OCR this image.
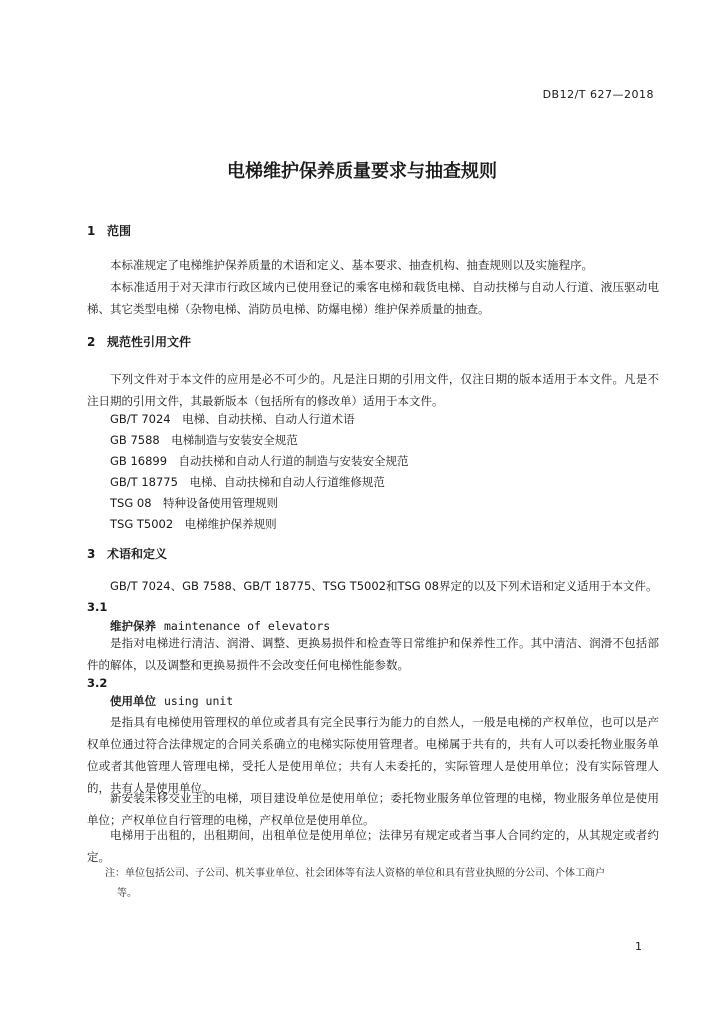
DB12/T 627—2018
电梯维护保养质量要求与抽查规则
1 范围
本标准规定了电梯维护保养质量的术语和定义、基本要求、抽查机构、抽查规则以及实施程序。
本标准适用于对天津市行政区域内已使用登记的乘客电梯和载货电梯、自动扶梯与自动人行道、液压驱动电梯、其它类型电梯（杂物电梯、消防员电梯、防爆电梯）维护保养质量的抽查。
2 规范性引用文件
下列文件对于本文件的应用是必不可少的。凡是注日期的引用文件，仅注日期的版本适用于本文件。凡是不注日期的引用文件，其最新版本（包括所有的修改单）适用于本文件。
GB/T 7024　电梯、自动扶梯、自动人行道术语
GB 7588　电梯制造与安装安全规范
GB 16899　自动扶梯和自动人行道的制造与安装安全规范
GB/T 18775　电梯、自动扶梯和自动人行道维修规范
TSG 08　特种设备使用管理规则
TSG T5002　电梯维护保养规则
3 术语和定义
GB/T 7024、GB 7588、GB/T 18775、TSG T5002和TSG 08界定的以及下列术语和定义适用于本文件。
3.1
维护保养 maintenance of elevators
是指对电梯进行清洁、润滑、调整、更换易损件和检查等日常维护和保养性工作。其中清洁、润滑不包括部件的解体，以及调整和更换易损件不会改变任何电梯性能参数。
3.2
使用单位 using unit
是指具有电梯使用管理权的单位或者具有完全民事行为能力的自然人，一般是电梯的产权单位，也可以是产权单位通过符合法律规定的合同关系确立的电梯实际使用管理者。电梯属于共有的，共有人可以委托物业服务单位或者其他管理人管理电梯，受托人是使用单位；共有人未委托的，实际管理人是使用单位；没有实际管理人的，共有人是使用单位。
新安装未移交业主的电梯，项目建设单位是使用单位；委托物业服务单位管理的电梯，物业服务单位是使用单位；产权单位自行管理的电梯，产权单位是使用单位。
电梯用于出租的，出租期间，出租单位是使用单位；法律另有规定或者当事人合同约定的，从其规定或者约定。
注：单位包括公司、子公司、机关事业单位、社会团体等有法人资格的单位和具有营业执照的分公司、个体工商户
等。
1
